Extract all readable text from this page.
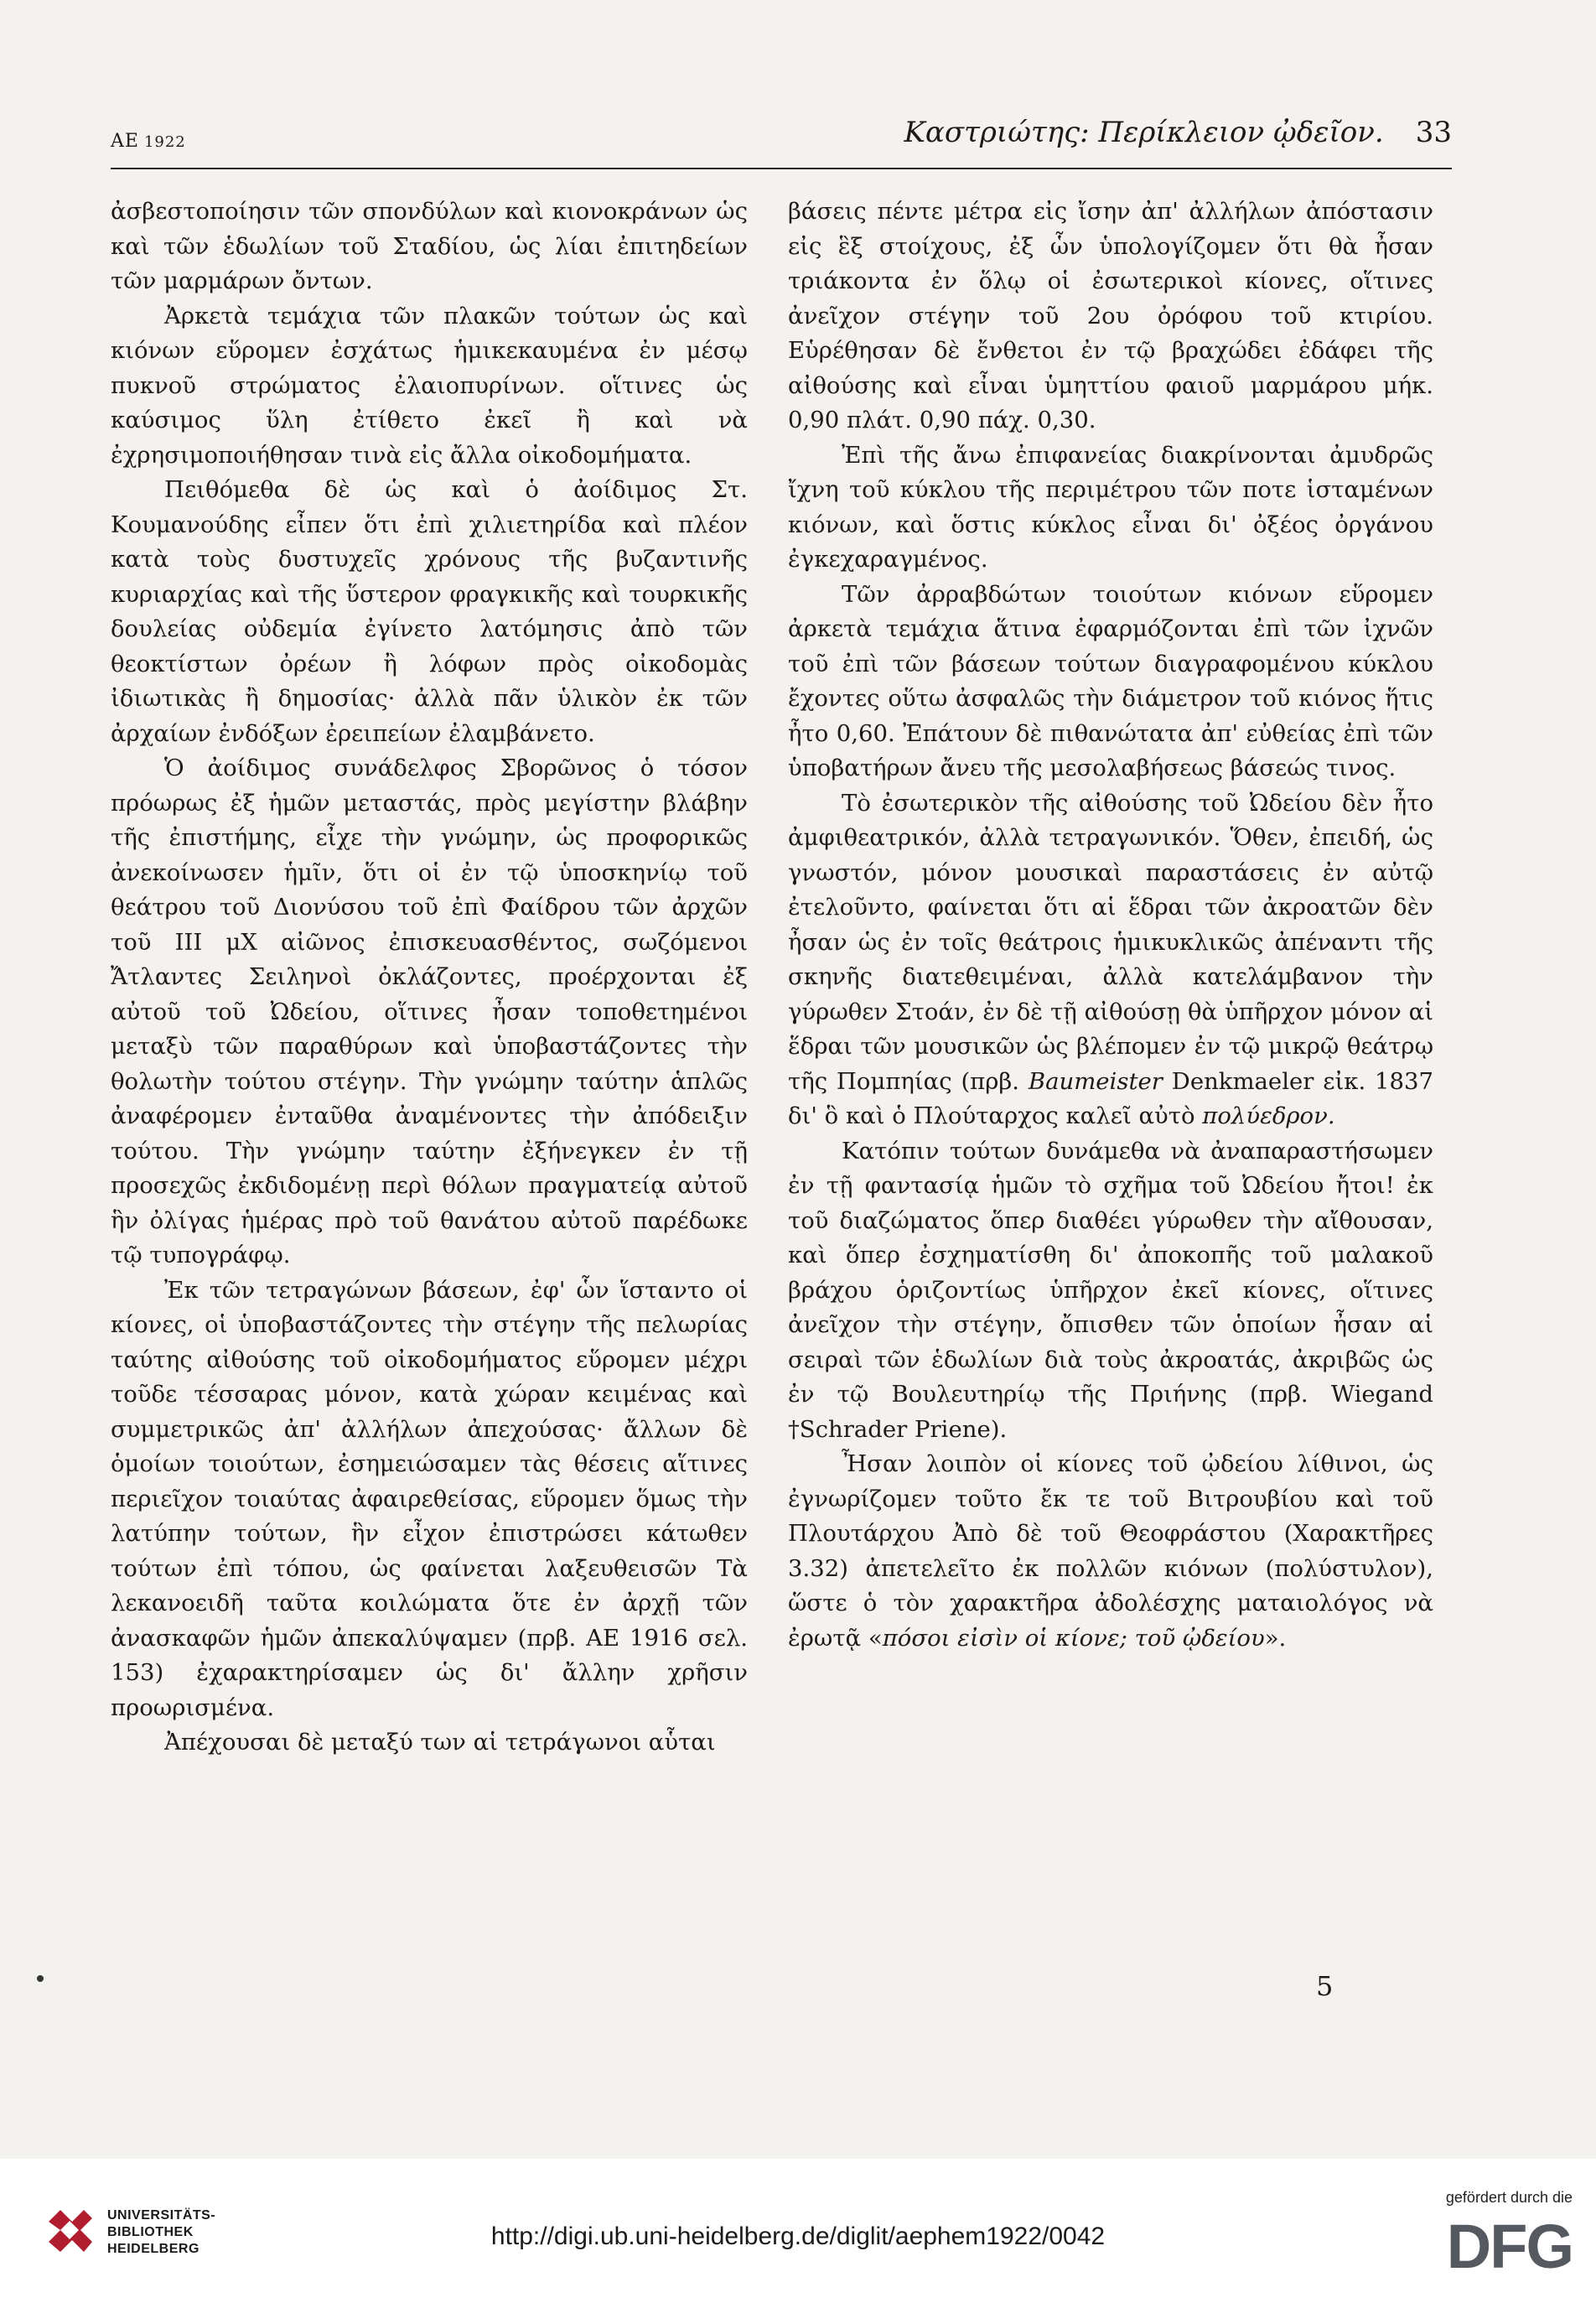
ΑΕ 1922	Καστριώτης: Περίκλειον ᾠδεῖον. 33

ἀσβεστοποίησιν τῶν σπονδύλων καὶ κιονοκράνων ὡς καὶ τῶν ἑδωλίων τοῦ Σταδίου, ὡς λίαι ἐπιτηδείων τῶν μαρμάρων ὄντων.

Ἀρκετὰ τεμάχια τῶν πλακῶν τούτων ὡς καὶ κιόνων εὕρομεν ἐσχάτως ἡμικεκαυμένα ἐν μέσῳ πυκνοῦ στρώματος ἐλαιοπυρίνων. οἵτινες ὡς καύσιμος ὕλη ἐτίθετο ἐκεῖ ἢ καὶ νὰ ἐχρησιμοποιήθησαν τινὰ εἰς ἄλλα οἰκοδομήματα.

Πειθόμεθα δὲ ὡς καὶ ὁ ἀοίδιμος Στ. Κουμανούδης εἶπεν ὅτι ἐπὶ χιλιετηρίδα καὶ πλέον κατὰ τοὺς δυστυχεῖς χρόνους τῆς βυζαντινῆς κυριαρχίας καὶ τῆς ὕστερον φραγκικῆς καὶ τουρκικῆς δουλείας οὐδεμία ἐγίνετο λατόμησις ἀπὸ τῶν θεοκτίστων ὀρέων ἢ λόφων πρὸς οἰκοδομὰς ἰδιωτικὰς ἢ δημοσίας· ἀλλὰ πᾶν ὑλικὸν ἐκ τῶν ἀρχαίων ἐνδόξων ἐρειπείων ἐλαμβάνετο.

Ὁ ἀοίδιμος συνάδελφος Σβορῶνος ὁ τόσον πρόωρως ἐξ ἡμῶν μεταστάς, πρὸς μεγίστην βλάβην τῆς ἐπιστήμης, εἶχε τὴν γνώμην, ὡς προφορικῶς ἀνεκοίνωσεν ἡμῖν, ὅτι οἱ ἐν τῷ ὑποσκηνίῳ τοῦ θεάτρου τοῦ Διονύσου τοῦ ἐπὶ Φαίδρου τῶν ἀρχῶν τοῦ ΙΙΙ μΧ αἰῶνος ἐπισκευασθέντος, σωζόμενοι Ἄτλαντες Σειληνοὶ ὀκλάζοντες, προέρχονται ἐξ αὐτοῦ τοῦ Ὠδείου, οἵτινες ἦσαν τοποθετημένοι μεταξὺ τῶν παραθύρων καὶ ὑποβαστάζοντες τὴν θολωτὴν τούτου στέγην. Τὴν γνώμην ταύτην ἁπλῶς ἀναφέρομεν ἐνταῦθα ἀναμένοντες τὴν ἀπόδειξιν τούτου. Τὴν γνώμην ταύτην ἐξήνεγκεν ἐν τῇ προσεχῶς ἐκδιδομένῃ περὶ θόλων πραγματείᾳ αὐτοῦ ἣν ὀλίγας ἡμέρας πρὸ τοῦ θανάτου αὐτοῦ παρέδωκε τῷ τυπογράφῳ.

Ἐκ τῶν τετραγώνων βάσεων, ἐφ' ὧν ἵσταντο οἱ κίονες, οἱ ὑποβαστάζοντες τὴν στέγην τῆς πελωρίας ταύτης αἰθούσης τοῦ οἰκοδομήματος εὕρομεν μέχρι τοῦδε τέσσαρας μόνον, κατὰ χώραν κειμένας καὶ συμμετρικῶς ἀπ' ἀλλήλων ἀπεχούσας· ἄλλων δὲ ὁμοίων τοιούτων, ἐσημειώσαμεν τὰς θέσεις αἵτινες περιεῖχον τοιαύτας ἀφαιρεθείσας, εὕρομεν ὅμως τὴν λατύπην τούτων, ἣν εἶχον ἐπιστρώσει κάτωθεν τούτων ἐπὶ τόπου, ὡς φαίνεται λαξευθεισῶν Τὰ λεκανοειδῆ ταῦτα κοιλώματα ὅτε ἐν ἀρχῇ τῶν ἀνασκαφῶν ἡμῶν ἀπεκαλύψαμεν (πρβ. ΑΕ 1916 σελ. 153) ἐχαρακτηρίσαμεν ὡς δι' ἄλλην χρῆσιν προωρισμένα.

Ἀπέχουσαι δὲ μεταξύ των αἱ τετράγωνοι αὗται

βάσεις πέντε μέτρα εἰς ἴσην ἀπ' ἀλλήλων ἀπόστασιν εἰς ἓξ στοίχους, ἐξ ὧν ὑπολογίζομεν ὅτι θὰ ἦσαν τριάκοντα ἐν ὅλῳ οἱ ἐσωτερικοὶ κίονες, οἵτινες ἀνεῖχον στέγην τοῦ 2ου ὀρόφου τοῦ κτιρίου. Εὑρέθησαν δὲ ἔνθετοι ἐν τῷ βραχώδει ἐδάφει τῆς αἰθούσης καὶ εἶναι ὑμηττίου φαιοῦ μαρμάρου μήκ. 0,90 πλάτ. 0,90 πάχ. 0,30.

Ἐπὶ τῆς ἄνω ἐπιφανείας διακρίνονται ἀμυδρῶς ἴχνη τοῦ κύκλου τῆς περιμέτρου τῶν ποτε ἱσταμένων κιόνων, καὶ ὅστις κύκλος εἶναι δι' ὀξέος ὀργάνου ἐγκεχαραγμένος.

Τῶν ἀρραβδώτων τοιούτων κιόνων εὕρομεν ἀρκετὰ τεμάχια ἅτινα ἐφαρμόζονται ἐπὶ τῶν ἰχνῶν τοῦ ἐπὶ τῶν βάσεων τούτων διαγραφομένου κύκλου ἔχοντες οὕτω ἀσφαλῶς τὴν διάμετρον τοῦ κιόνος ἥτις ἦτο 0,60. Ἐπάτουν δὲ πιθανώτατα ἀπ' εὐθείας ἐπὶ τῶν ὑποβατήρων ἄνευ τῆς μεσολαβήσεως βάσεώς τινος.

Τὸ ἐσωτερικὸν τῆς αἰθούσης τοῦ Ὠδείου δὲν ἦτο ἀμφιθεατρικόν, ἀλλὰ τετραγωνικόν. Ὅθεν, ἐπειδή, ὡς γνωστόν, μόνον μουσικαὶ παραστάσεις ἐν αὐτῷ ἐτελοῦντο, φαίνεται ὅτι αἱ ἕδραι τῶν ἀκροατῶν δὲν ἦσαν ὡς ἐν τοῖς θεάτροις ἡμικυκλικῶς ἀπέναντι τῆς σκηνῆς διατεθειμέναι, ἀλλὰ κατελάμβανον τὴν γύρωθεν Στοάν, ἐν δὲ τῇ αἰθούσῃ θὰ ὑπῆρχον μόνον αἱ ἕδραι τῶν μουσικῶν ὡς βλέπομεν ἐν τῷ μικρῷ θεάτρῳ τῆς Πομπηίας (πρβ. Baumeister Denkmaeler εἰκ. 1837 δι' ὃ καὶ ὁ Πλούταρχος καλεῖ αὐτὸ πολύεδρον.

Κατόπιν τούτων δυνάμεθα νὰ ἀναπαραστήσωμεν ἐν τῇ φαντασίᾳ ἡμῶν τὸ σχῆμα τοῦ Ὠδείου ἤτοι! ἐκ τοῦ διαζώματος ὅπερ διαθέει γύρωθεν τὴν αἴθουσαν, καὶ ὅπερ ἐσχηματίσθη δι' ἀποκοπῆς τοῦ μαλακοῦ βράχου ὁριζοντίως ὑπῆρχον ἐκεῖ κίονες, οἵτινες ἀνεῖχον τὴν στέγην, ὄπισθεν τῶν ὁποίων ἦσαν αἱ σειραὶ τῶν ἑδωλίων διὰ τοὺς ἀκροατάς, ἀκριβῶς ὡς ἐν τῷ Βουλευτηρίῳ τῆς Πριήνης (πρβ. Wiegand †Schrader Priene).

Ἦσαν λοιπὸν οἱ κίονες τοῦ ᾠδείου λίθινοι, ὡς ἐγνωρίζομεν τοῦτο ἔκ τε τοῦ Βιτρουβίου καὶ τοῦ Πλουτάρχου Ἀπὸ δὲ τοῦ Θεοφράστου (Χαρακτῆρες 3.32) ἀπετελεῖτο ἐκ πολλῶν κιόνων (πολύστυλον), ὥστε ὁ τὸν χαρακτῆρα ἀδολέσχης ματαιολόγος νὰ ἐρωτᾷ «πόσοι εἰσὶν οἱ κίονε; τοῦ ᾠδείου».

5
UNIVERSITÄTS-
BIBLIOTHEK
HEIDELBERG	http://digi.ub.uni-heidelberg.de/diglit/aephem1922/0042
gefördert durch die
DFG
